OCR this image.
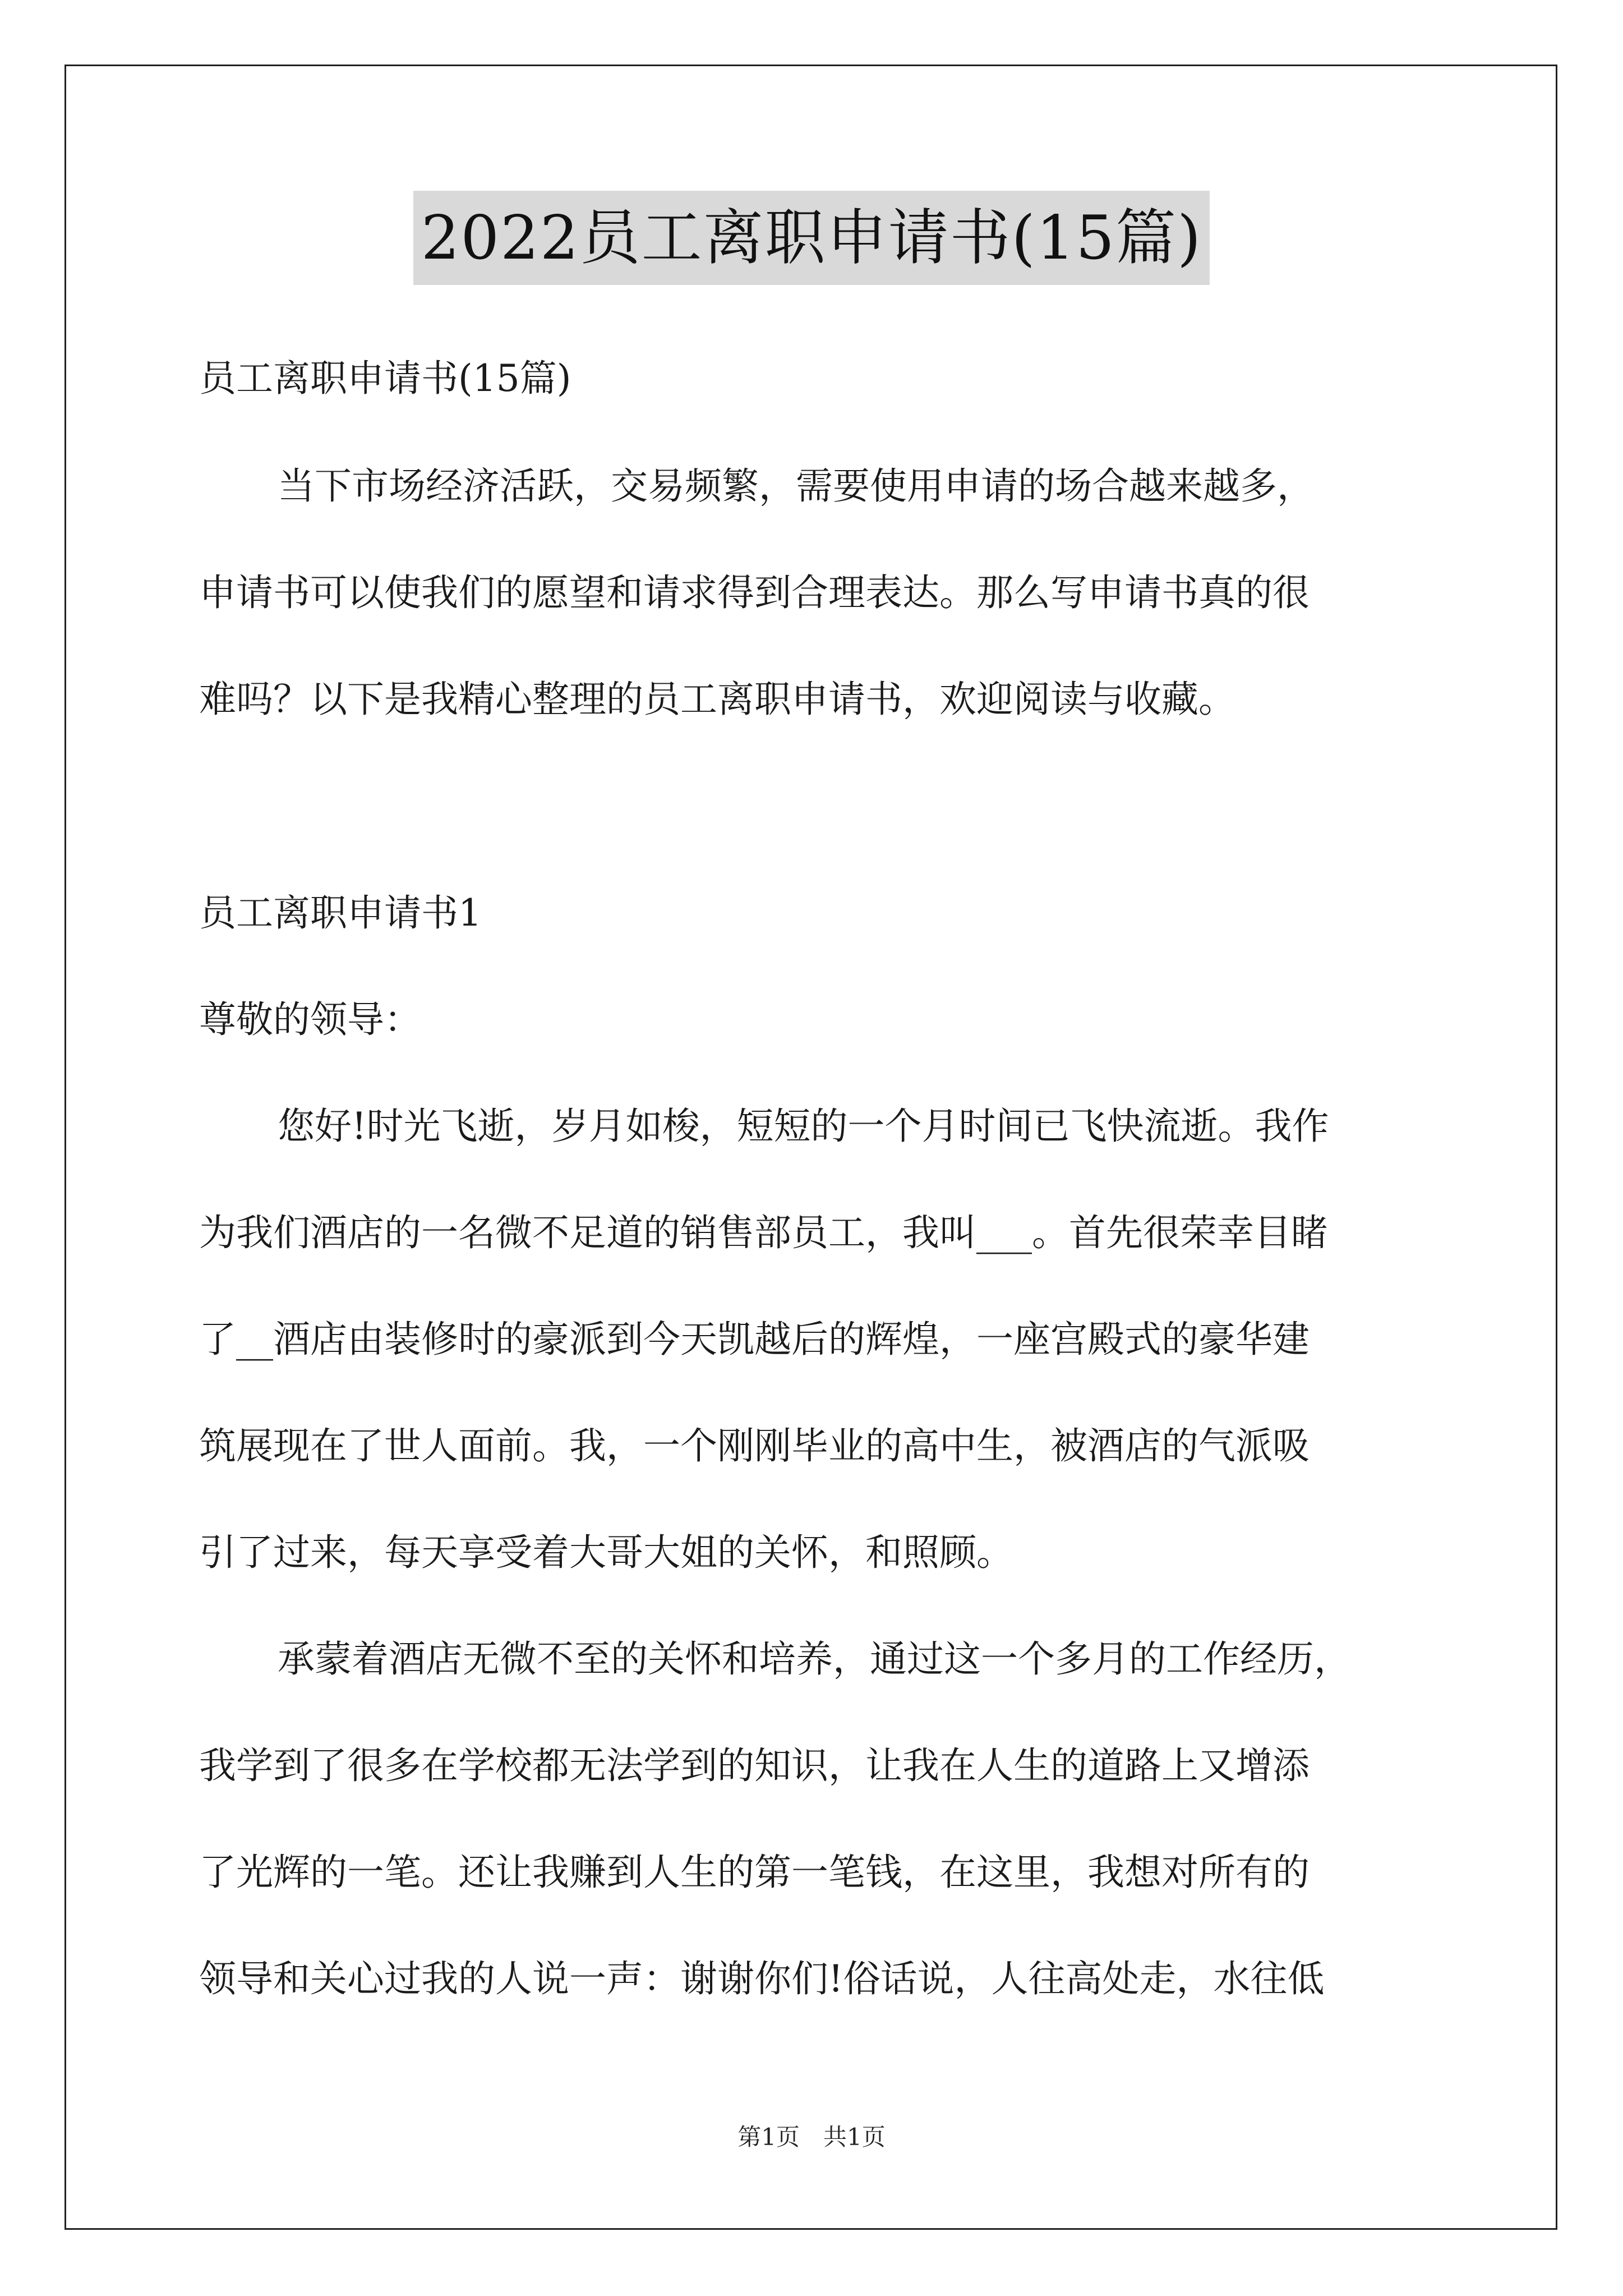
2022员工离职申请书(15篇)
员工离职申请书(15篇)
当下市场经济活跃，交易频繁，需要使用申请的场合越来越多，
申请书可以使我们的愿望和请求得到合理表达。那么写申请书真的很
难吗？以下是我精心整理的员工离职申请书，欢迎阅读与收藏。
员工离职申请书1
尊敬的领导：
您好!时光飞逝，岁月如梭，短短的一个月时间已飞快流逝。我作
为我们酒店的一名微不足道的销售部员工，我叫___。首先很荣幸目睹
了__酒店由装修时的豪派到今天凯越后的辉煌，一座宫殿式的豪华建
筑展现在了世人面前。我，一个刚刚毕业的高中生，被酒店的气派吸
引了过来，每天享受着大哥大姐的关怀，和照顾。
承蒙着酒店无微不至的关怀和培养，通过这一个多月的工作经历，
我学到了很多在学校都无法学到的知识，让我在人生的道路上又增添
了光辉的一笔。还让我赚到人生的第一笔钱，在这里，我想对所有的
领导和关心过我的人说一声：谢谢你们!俗话说，人往高处走，水往低
第1页　共1页
